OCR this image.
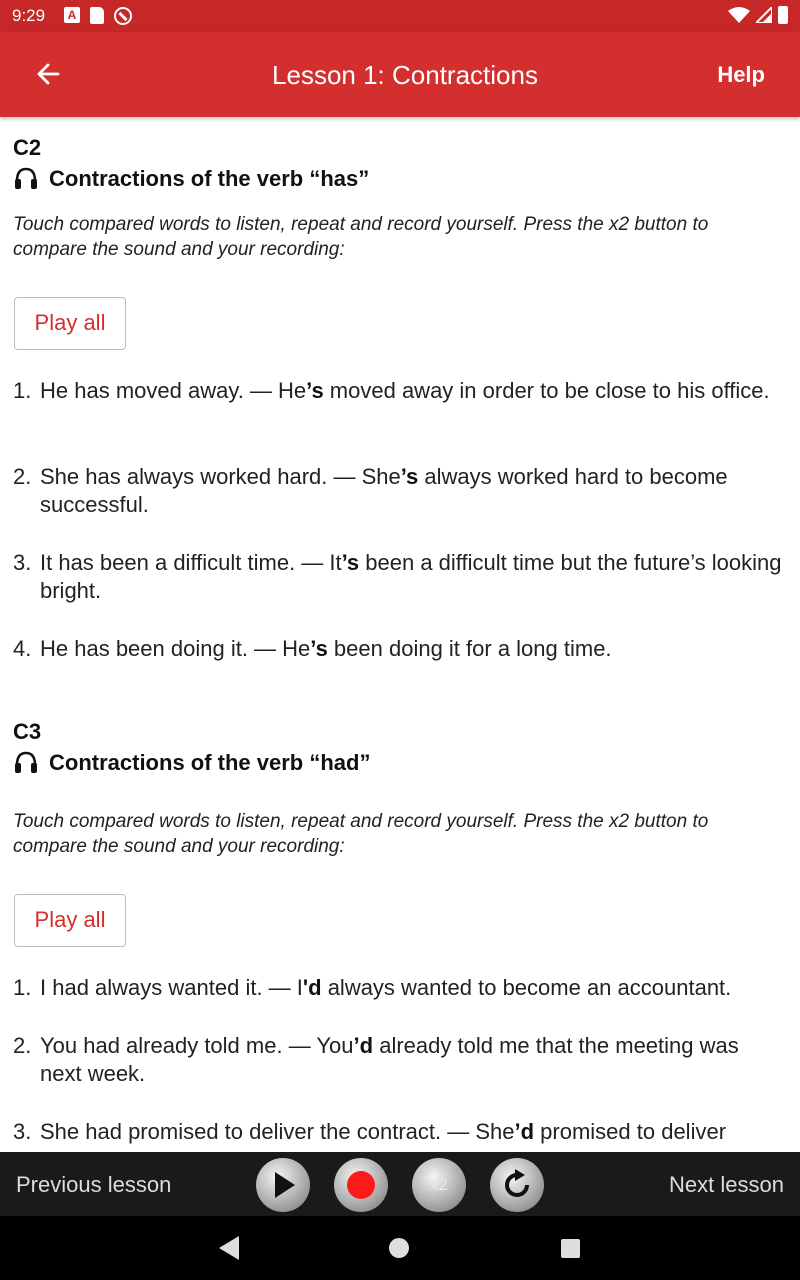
9:29	A
Lesson 1: Contractions	Help
C2
Contractions of the verb “has”
Touch compared words to listen, repeat and record yourself. Press the x2 button to compare the sound and your recording:
Play all
1. He has moved away. — He’s moved away in order to be close to his office.
2. She has always worked hard. — She’s always worked hard to become successful.
3. It has been a difficult time. — It’s been a difficult time but the future’s looking bright.
4. He has been doing it. — He’s been doing it for a long time.
C3
Contractions of the verb “had”
Touch compared words to listen, repeat and record yourself. Press the x2 button to compare the sound and your recording:
Play all
1. I had always wanted it. — I'd always wanted to become an accountant.
2. You had already told me. — You’d already told me that the meeting was next week.
3. She had promised to deliver the contract. — She’d promised to deliver
Previous lesson	x2	Next lesson
